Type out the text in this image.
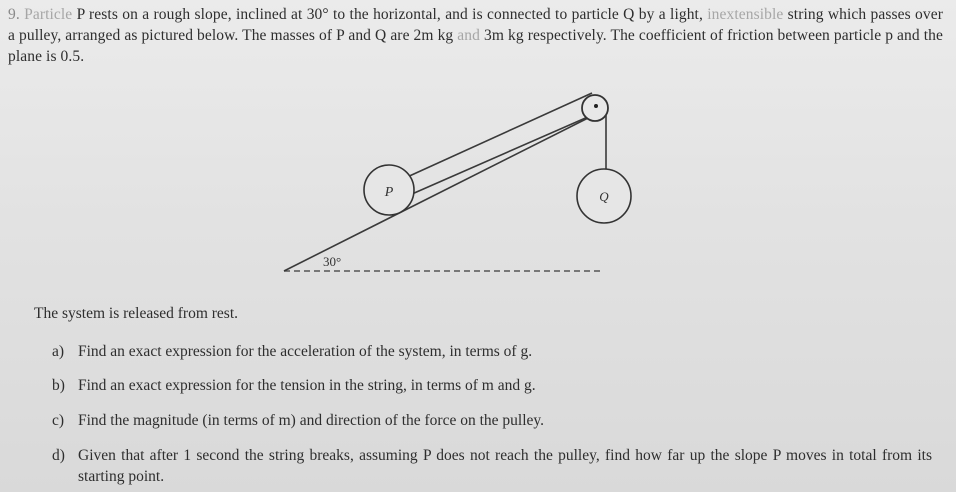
9. Particle P rests on a rough slope, inclined at 30° to the horizontal, and is connected to particle Q by a light, inextensible string which passes over a pulley, arranged as pictured below. The masses of P and Q are 2m kg and 3m kg respectively. The coefficient of friction between particle p and the plane is 0.5.
P	Q
30°
The system is released from rest.
a) Find an exact expression for the acceleration of the system, in terms of g.
b) Find an exact expression for the tension in the string, in terms of m and g.
c) Find the magnitude (in terms of m) and direction of the force on the pulley.
d) Given that after 1 second the string breaks, assuming P does not reach the pulley, find how far up the slope P moves in total from its starting point.
